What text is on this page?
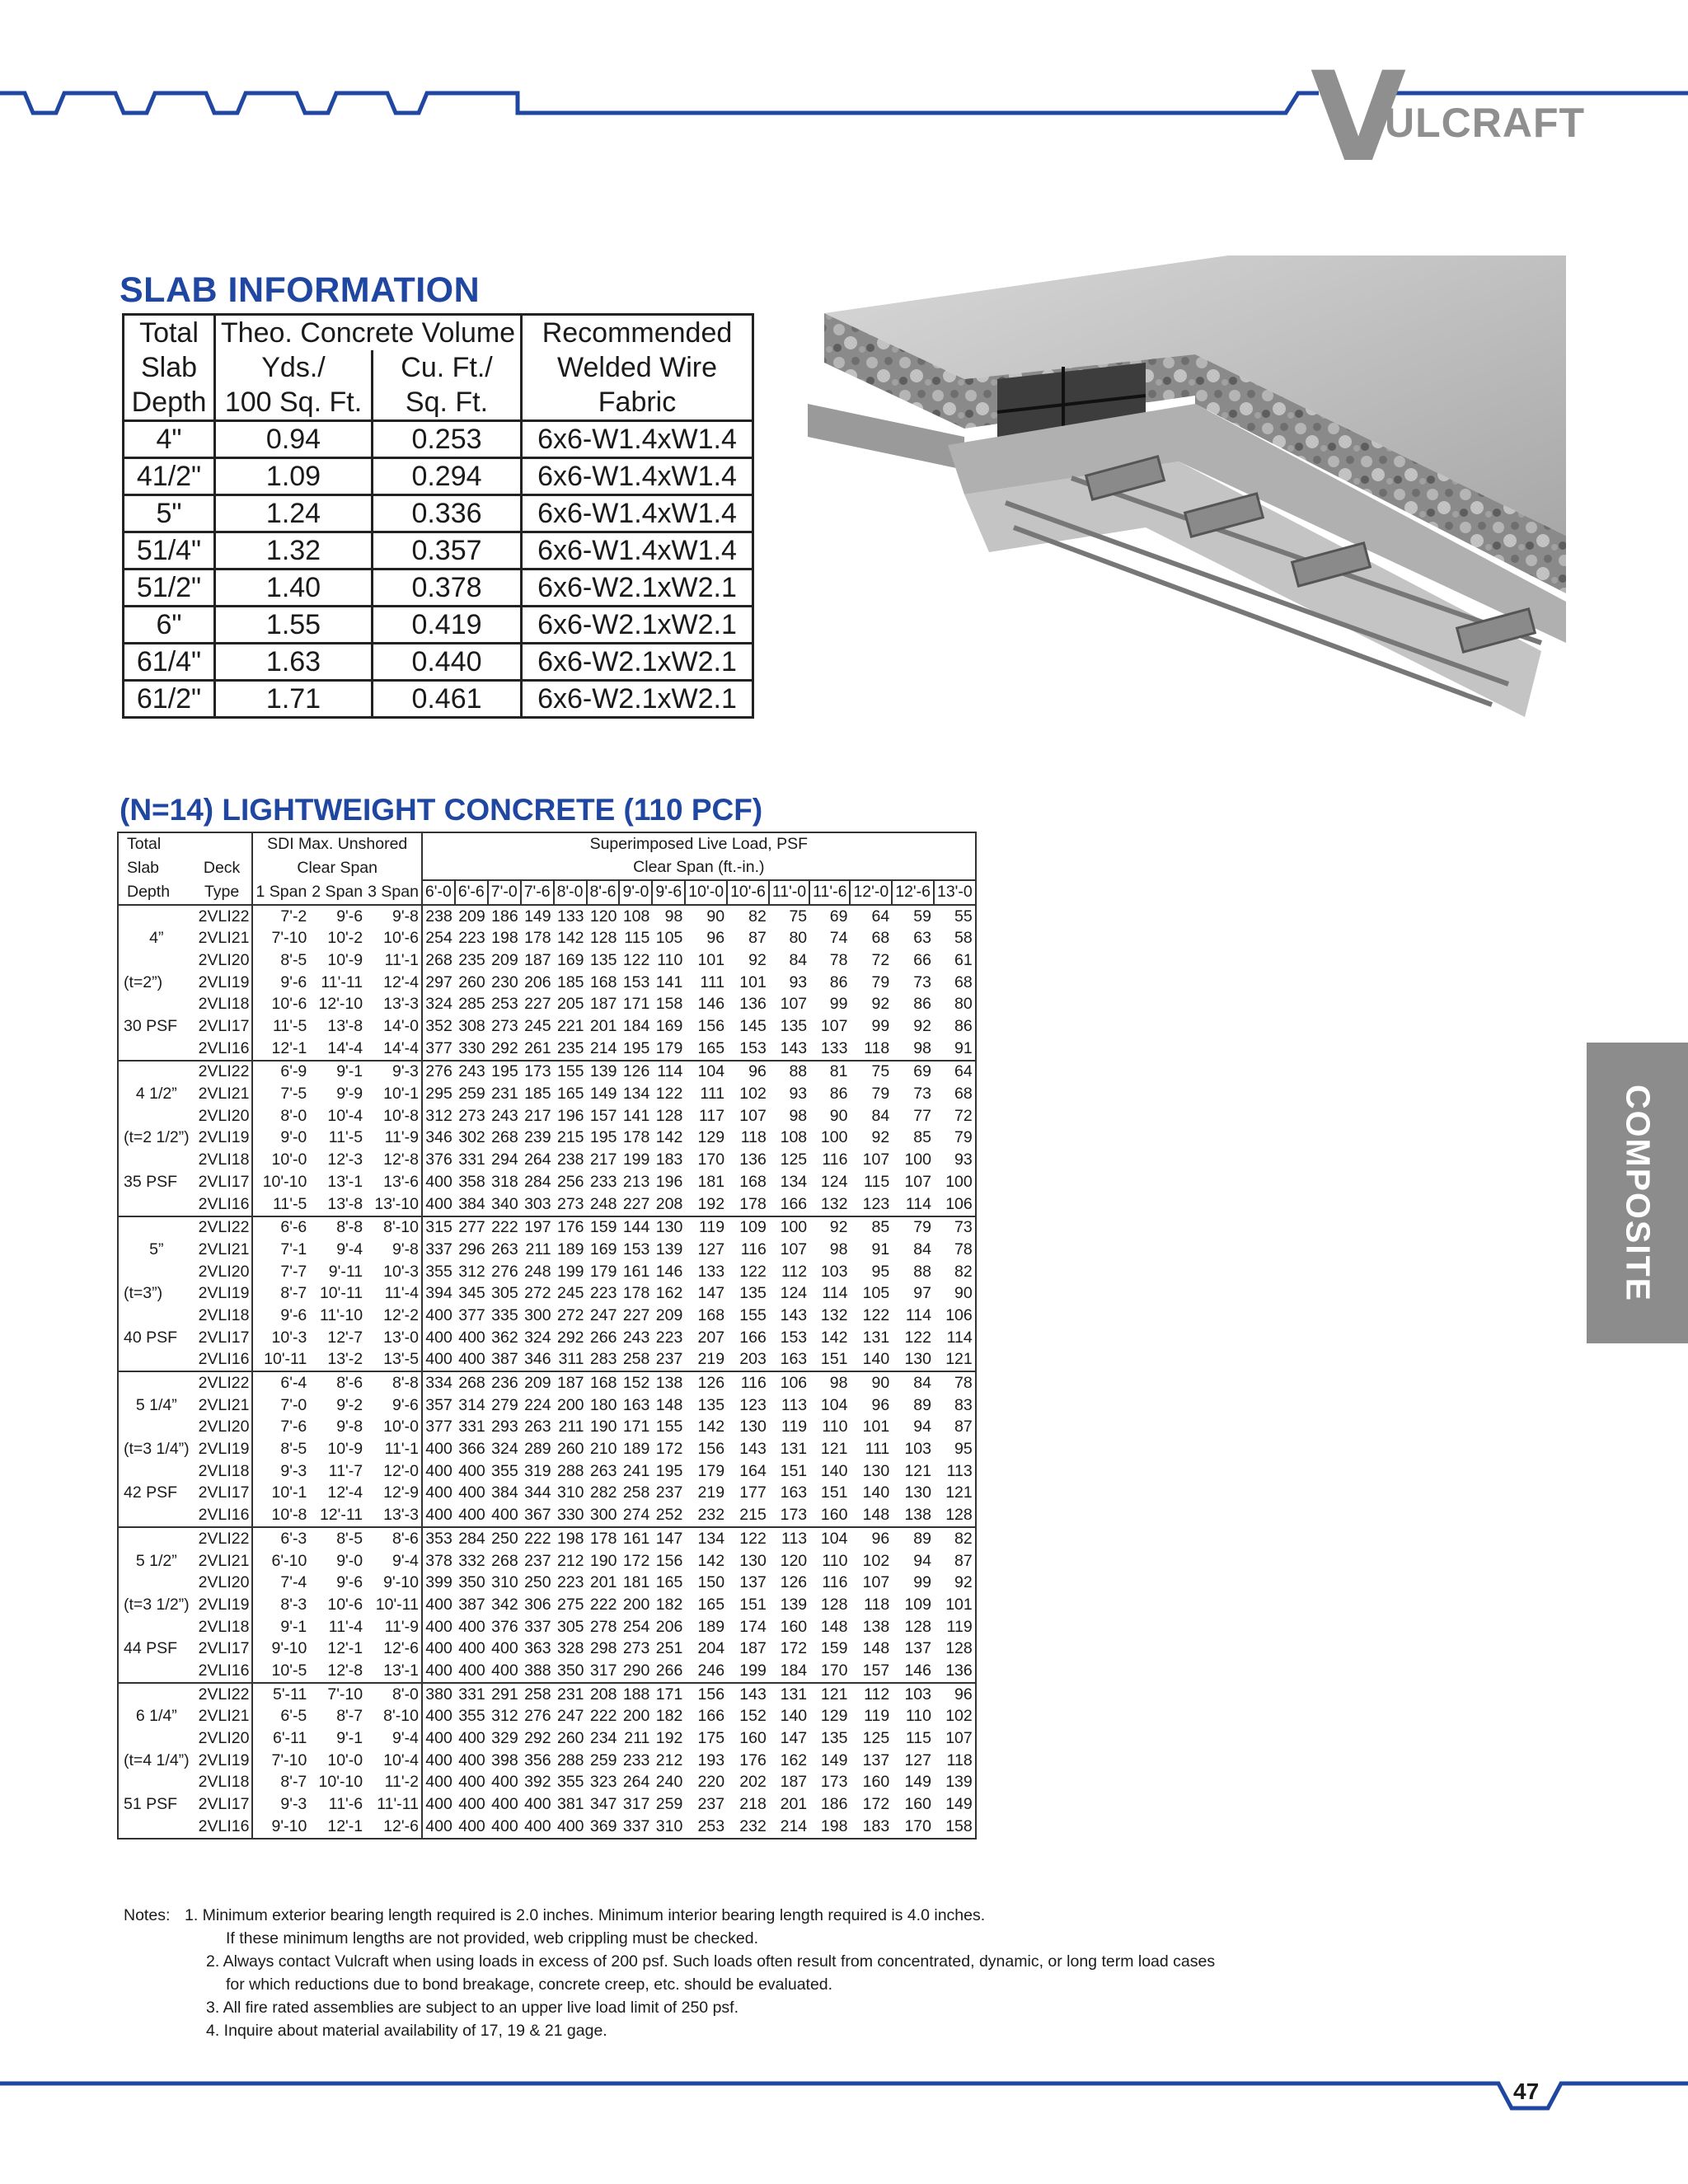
V
ULCRAFT
SLAB INFORMATION
Total	Theo. Concrete Volume		Recommended
Slab	Yds./	Cu. Ft./	Welded Wire
Depth	100 Sq. Ft.	Sq. Ft.	Fabric
4"	0.94	0.253	6x6-W1.4xW1.4
41/2"	1.09	0.294	6x6-W1.4xW1.4
5"	1.24	0.336	6x6-W1.4xW1.4
51/4"	1.32	0.357	6x6-W1.4xW1.4
51/2"	1.40	0.378	6x6-W2.1xW2.1
6"	1.55	0.419	6x6-W2.1xW2.1
61/4"	1.63	0.440	6x6-W2.1xW2.1
61/2"	1.71	0.461	6x6-W2.1xW2.1
COMPOSITE
(N=14) LIGHTWEIGHT CONCRETE (110 PCF)
Total		SDI Max. Unshored			Superimposed Live Load, PSF														
Slab	Deck	Clear Span			Clear Span (ft.-in.)														
Depth	Type	1 Span	2 Span	3 Span	6'-0	6'-6	7'-0	7'-6	8'-0	8'-6	9'-0	9'-6	10'-0	10'-6	11'-0	11'-6	12'-0	12'-6	13'-0
	2VLI22	7'-2	9'-6	9'-8	238	209	186	149	133	120	108	98	90	82	75	69	64	59	55
4”	2VLI21	7'-10	10'-2	10'-6	254	223	198	178	142	128	115	105	96	87	80	74	68	63	58
	2VLI20	8'-5	10'-9	11'-1	268	235	209	187	169	135	122	110	101	92	84	78	72	66	61
(t=2”)	2VLI19	9'-6	11'-11	12'-4	297	260	230	206	185	168	153	141	111	101	93	86	79	73	68
	2VLI18	10'-6	12'-10	13'-3	324	285	253	227	205	187	171	158	146	136	107	99	92	86	80
30 PSF	2VLI17	11'-5	13'-8	14'-0	352	308	273	245	221	201	184	169	156	145	135	107	99	92	86
	2VLI16	12'-1	14'-4	14'-4	377	330	292	261	235	214	195	179	165	153	143	133	118	98	91
	2VLI22	6'-9	9'-1	9'-3	276	243	195	173	155	139	126	114	104	96	88	81	75	69	64
4 1/2”	2VLI21	7'-5	9'-9	10'-1	295	259	231	185	165	149	134	122	111	102	93	86	79	73	68
	2VLI20	8'-0	10'-4	10'-8	312	273	243	217	196	157	141	128	117	107	98	90	84	77	72
(t=2 1/2”)	2VLI19	9'-0	11'-5	11'-9	346	302	268	239	215	195	178	142	129	118	108	100	92	85	79
	2VLI18	10'-0	12'-3	12'-8	376	331	294	264	238	217	199	183	170	136	125	116	107	100	93
35 PSF	2VLI17	10'-10	13'-1	13'-6	400	358	318	284	256	233	213	196	181	168	134	124	115	107	100
	2VLI16	11'-5	13'-8	13'-10	400	384	340	303	273	248	227	208	192	178	166	132	123	114	106
	2VLI22	6'-6	8'-8	8'-10	315	277	222	197	176	159	144	130	119	109	100	92	85	79	73
5”	2VLI21	7'-1	9'-4	9'-8	337	296	263	211	189	169	153	139	127	116	107	98	91	84	78
	2VLI20	7'-7	9'-11	10'-3	355	312	276	248	199	179	161	146	133	122	112	103	95	88	82
(t=3”)	2VLI19	8'-7	10'-11	11'-4	394	345	305	272	245	223	178	162	147	135	124	114	105	97	90
	2VLI18	9'-6	11'-10	12'-2	400	377	335	300	272	247	227	209	168	155	143	132	122	114	106
40 PSF	2VLI17	10'-3	12'-7	13'-0	400	400	362	324	292	266	243	223	207	166	153	142	131	122	114
	2VLI16	10'-11	13'-2	13'-5	400	400	387	346	311	283	258	237	219	203	163	151	140	130	121
	2VLI22	6'-4	8'-6	8'-8	334	268	236	209	187	168	152	138	126	116	106	98	90	84	78
5 1/4”	2VLI21	7'-0	9'-2	9'-6	357	314	279	224	200	180	163	148	135	123	113	104	96	89	83
	2VLI20	7'-6	9'-8	10'-0	377	331	293	263	211	190	171	155	142	130	119	110	101	94	87
(t=3 1/4”)	2VLI19	8'-5	10'-9	11'-1	400	366	324	289	260	210	189	172	156	143	131	121	111	103	95
	2VLI18	9'-3	11'-7	12'-0	400	400	355	319	288	263	241	195	179	164	151	140	130	121	113
42 PSF	2VLI17	10'-1	12'-4	12'-9	400	400	384	344	310	282	258	237	219	177	163	151	140	130	121
	2VLI16	10'-8	12'-11	13'-3	400	400	400	367	330	300	274	252	232	215	173	160	148	138	128
	2VLI22	6'-3	8'-5	8'-6	353	284	250	222	198	178	161	147	134	122	113	104	96	89	82
5 1/2”	2VLI21	6'-10	9'-0	9'-4	378	332	268	237	212	190	172	156	142	130	120	110	102	94	87
	2VLI20	7'-4	9'-6	9'-10	399	350	310	250	223	201	181	165	150	137	126	116	107	99	92
(t=3 1/2”)	2VLI19	8'-3	10'-6	10'-11	400	387	342	306	275	222	200	182	165	151	139	128	118	109	101
	2VLI18	9'-1	11'-4	11'-9	400	400	376	337	305	278	254	206	189	174	160	148	138	128	119
44 PSF	2VLI17	9'-10	12'-1	12'-6	400	400	400	363	328	298	273	251	204	187	172	159	148	137	128
	2VLI16	10'-5	12'-8	13'-1	400	400	400	388	350	317	290	266	246	199	184	170	157	146	136
	2VLI22	5'-11	7'-10	8'-0	380	331	291	258	231	208	188	171	156	143	131	121	112	103	96
6 1/4”	2VLI21	6'-5	8'-7	8'-10	400	355	312	276	247	222	200	182	166	152	140	129	119	110	102
	2VLI20	6'-11	9'-1	9'-4	400	400	329	292	260	234	211	192	175	160	147	135	125	115	107
(t=4 1/4”)	2VLI19	7'-10	10'-0	10'-4	400	400	398	356	288	259	233	212	193	176	162	149	137	127	118
	2VLI18	8'-7	10'-10	11'-2	400	400	400	392	355	323	264	240	220	202	187	173	160	149	139
51 PSF	2VLI17	9'-3	11'-6	11'-11	400	400	400	400	381	347	317	259	237	218	201	186	172	160	149
	2VLI16	9'-10	12'-1	12'-6	400	400	400	400	400	369	337	310	253	232	214	198	183	170	158
Notes: 1. Minimum exterior bearing length required is 2.0 inches. Minimum interior bearing length required is 4.0 inches.
If these minimum lengths are not provided, web crippling must be checked.
2. Always contact Vulcraft when using loads in excess of 200 psf. Such loads often result from concentrated, dynamic, or long term load cases
for which reductions due to bond breakage, concrete creep, etc. should be evaluated.
3. All fire rated assemblies are subject to an upper live load limit of 250 psf.
4. Inquire about material availability of 17, 19 & 21 gage.
47
